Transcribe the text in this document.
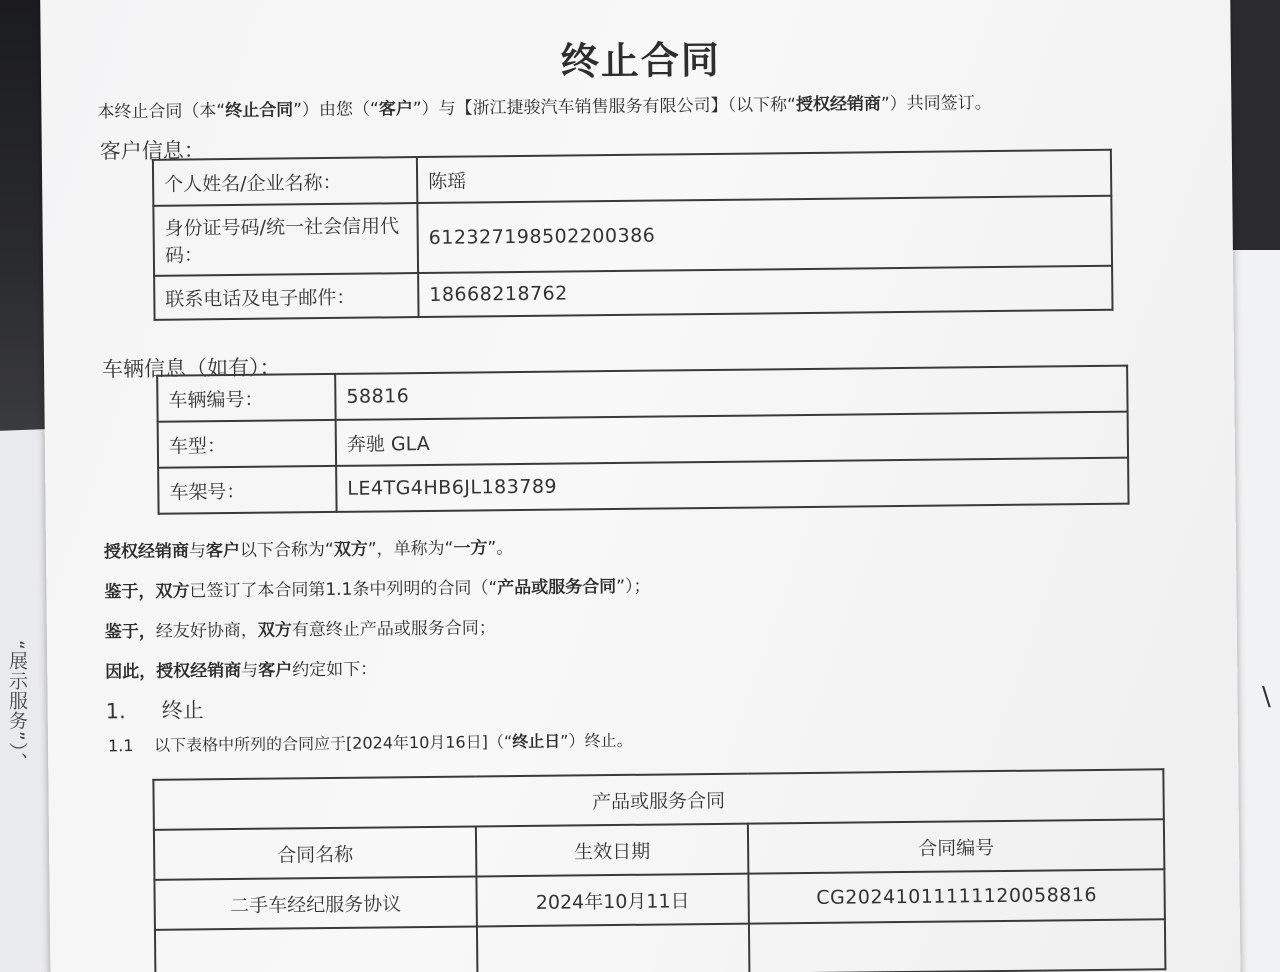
“展示服务”）、	\
终止合同
本终止合同（本“终止合同”）由您（“客户”）与【浙江捷骏汽车销售服务有限公司】（以下称“授权经销商”）共同签订。
客户信息：
个人姓名/企业名称：	陈瑶
身份证号码/统一社会信用代码：	612327198502200386
联系电话及电子邮件：	18668218762
车辆信息（如有）：
车辆编号：	58816
车型：	奔驰 GLA
车架号：	LE4TG4HB6JL183789
授权经销商与客户以下合称为“双方”，单称为“一方”。
鉴于，双方已签订了本合同第1.1条中列明的合同（“产品或服务合同”）；
鉴于，经友好协商，双方有意终止产品或服务合同；
因此，授权经销商与客户约定如下：
1. 终止
1.1 以下表格中所列的合同应于[2024年10月16日]（“终止日”）终止。
产品或服务合同		
合同名称	生效日期	合同编号
二手车经纪服务协议	2024年10月11日	CG20241011111120058816
